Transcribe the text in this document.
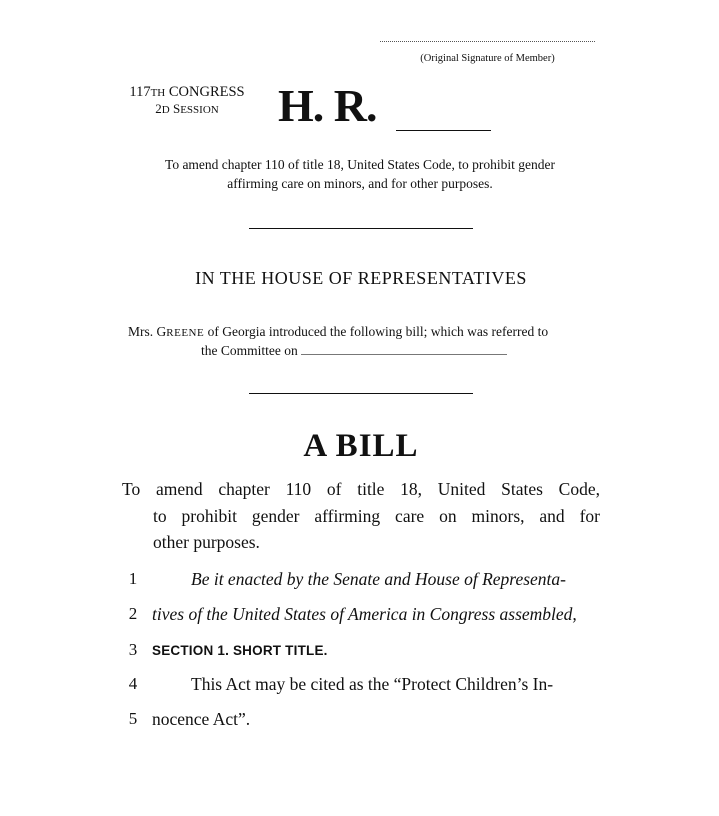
(Original Signature of Member)
117TH CONGRESS
2D SESSION	H. R.
To amend chapter 110 of title 18, United States Code, to prohibit gender
affirming care on minors, and for other purposes.
IN THE HOUSE OF REPRESENTATIVES
Mrs. GREENE of Georgia introduced the following bill; which was referred to
the Committee on
A BILL
To amend chapter 110 of title 18, United States Code,
to prohibit gender affirming care on minors, and for
other purposes.
1	Be it enacted by the Senate and House of Representa-
2 tives of the United States of America in Congress assembled,
3	SECTION 1. SHORT TITLE.
4	This Act may be cited as the “Protect Children’s In-
5 nocence Act”.
